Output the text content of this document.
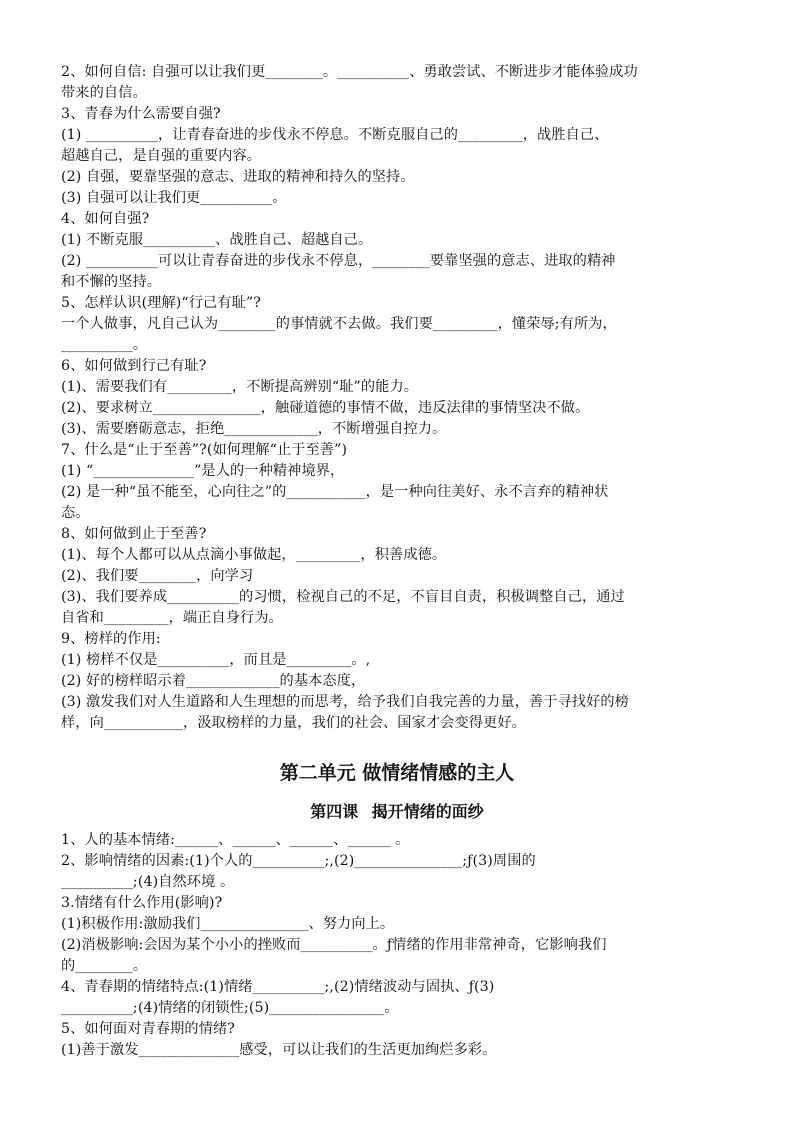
2、如何自信: 自强可以让我们更________。__________、勇敢尝试、不断进步才能体验成功
带来的自信。
3、青春为什么需要自强?
(1) __________，让青春奋进的步伐永不停息。不断克服自己的_________，战胜自己、
超越自己，是自强的重要内容。
(2) 自强，要靠坚强的意志、进取的精神和持久的坚持。
(3) 自强可以让我们更__________。
4、如何自强?
(1) 不断克服__________、战胜自己、超越自己。
(2) __________可以让青春奋进的步伐永不停息，________要靠坚强的意志、进取的精神
和不懈的坚持。
5、怎样认识(理解)“行己有耻”?
一个人做事，凡自己认为________的事情就不去做。我们要_________，懂荣辱;有所为，
__________。
6、如何做到行己有耻?
(1)、需要我们有_________，不断提高辨别“耻”的能力。
(2)、要求树立_______________，触碰道德的事情不做，违反法律的事情坚决不做。
(3)、需要磨砺意志，拒绝_____________，不断增强自控力。
7、什么是“止于至善”?(如何理解“止于至善”)
(1) “______________”是人的一种精神境界，
(2) 是一种“虽不能至，心向往之”的___________，是一种向往美好、永不言弃的精神状
态。
8、如何做到止于至善?
(1)、每个人都可以从点滴小事做起，_________，积善成德。
(2)、我们要________，向学习
(3)、我们要养成__________的习惯，检视自己的不足，不盲目自责，积极调整自己，通过
自省和_________，端正自身行为。
9、榜样的作用:
(1) 榜样不仅是__________，而且是_________。,
(2) 好的榜样昭示着_____________的基本态度，
(3) 激发我们对人生道路和人生理想的而思考，给予我们自我完善的力量，善于寻找好的榜
样，向___________，汲取榜样的力量，我们的社会、国家才会变得更好。
第二单元 做情绪情感的主人
第四课 揭开情绪的面纱
1、人的基本情绪:______、______、______、______ 。
2、影响情绪的因素:(1)个人的__________;,(2)_______________;ƒ(3)周围的
__________;(4)自然环境 。
3.情绪有什么作用(影响)?
(1)积极作用:激励我们_______________、努力向上。
(2)消极影响:会因为某个小小的挫败而__________。ƒ情绪的作用非常神奇，它影响我们
的________。
4、青春期的情绪特点:(1)情绪__________;,(2)情绪波动与固执、ƒ(3)
__________;(4)情绪的闭锁性;(5)________________。
5、如何面对青春期的情绪?
(1)善于激发______________感受，可以让我们的生活更加绚烂多彩。
